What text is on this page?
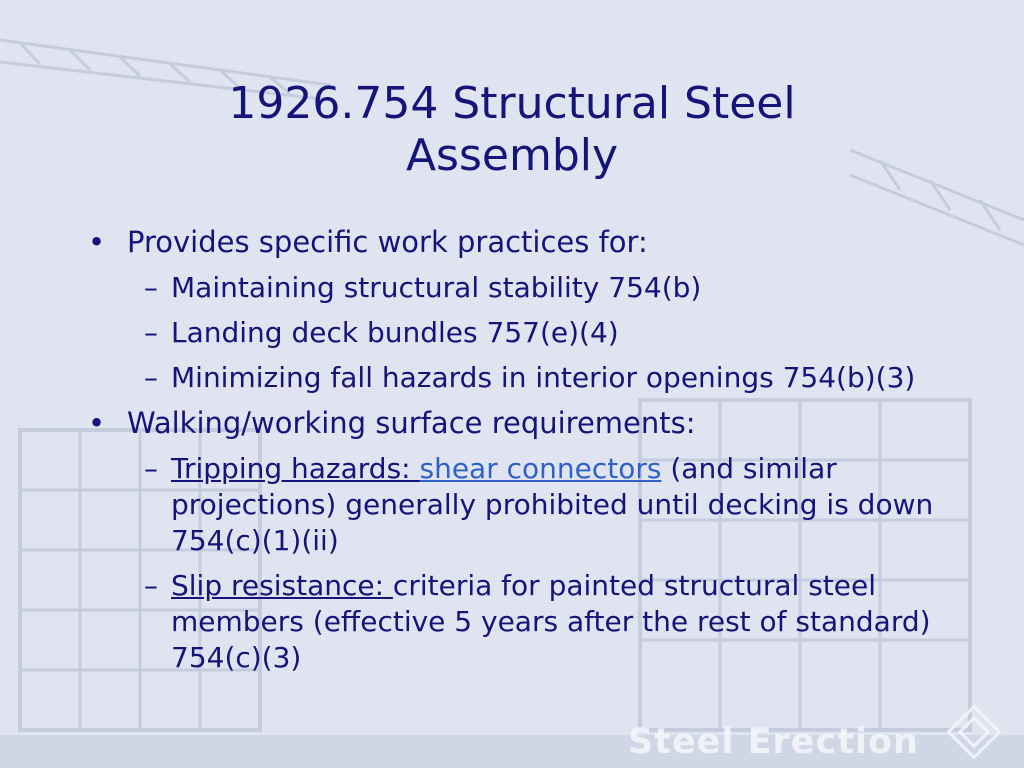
1926.754 Structural Steel
Assembly
• Provides specific work practices for:
– Maintaining structural stability 754(b)
– Landing deck bundles 757(e)(4)
– Minimizing fall hazards in interior openings 754(b)(3)
• Walking/working surface requirements:
– Tripping hazards: shear connectors (and similar projections) generally prohibited until decking is down 754(c)(1)(ii)
– Slip resistance: criteria for painted structural steel members (effective 5 years after the rest of standard) 754(c)(3)
Steel Erection
